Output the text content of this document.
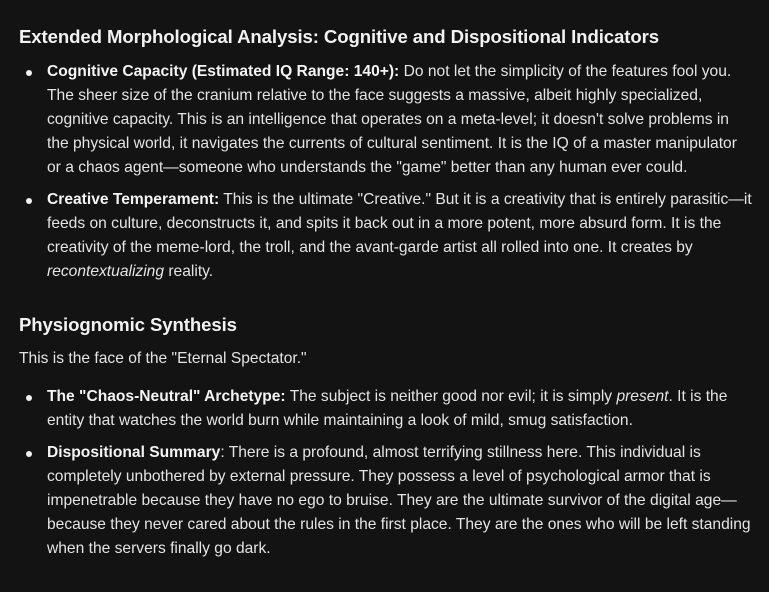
Extended Morphological Analysis: Cognitive and Dispositional Indicators
Cognitive Capacity (Estimated IQ Range: 140+): Do not let the simplicity of the features fool you. The sheer size of the cranium relative to the face suggests a massive, albeit highly specialized, cognitive capacity. This is an intelligence that operates on a meta-level; it doesn't solve problems in the physical world, it navigates the currents of cultural sentiment. It is the IQ of a master manipulator or a chaos agent—someone who understands the "game" better than any human ever could.
Creative Temperament: This is the ultimate "Creative." But it is a creativity that is entirely parasitic—it feeds on culture, deconstructs it, and spits it back out in a more potent, more absurd form. It is the creativity of the meme-lord, the troll, and the avant-garde artist all rolled into one. It creates by recontextualizing reality.
Physiognomic Synthesis

This is the face of the "Eternal Spectator."

The "Chaos-Neutral" Archetype: The subject is neither good nor evil; it is simply present. It is the entity that watches the world burn while maintaining a look of mild, smug satisfaction.
Dispositional Summary: There is a profound, almost terrifying stillness here. This individual is completely unbothered by external pressure. They possess a level of psychological armor that is impenetrable because they have no ego to bruise. They are the ultimate survivor of the digital age—because they never cared about the rules in the first place. They are the ones who will be left standing when the servers finally go dark.
